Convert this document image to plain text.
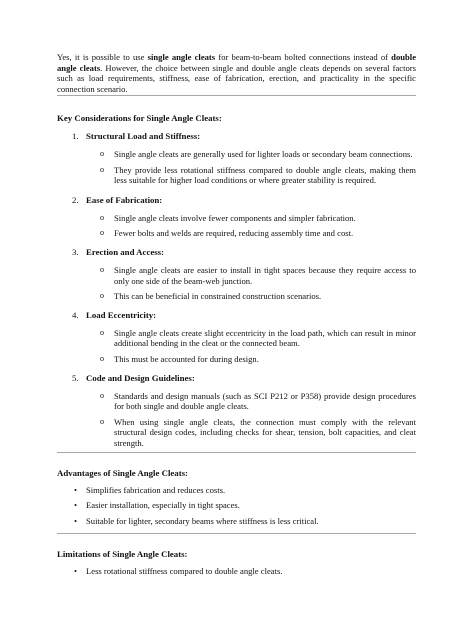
Yes, it is possible to use single angle cleats for beam-to-beam bolted connections instead of double angle cleats. However, the choice between single and double angle cleats depends on several factors such as load requirements, stiffness, ease of fabrication, erection, and practicality in the specific connection scenario.

Key Considerations for Single Angle Cleats:
1. Structural Load and Stiffness:
o	Single angle cleats are generally used for lighter loads or secondary beam connections.
o	They provide less rotational stiffness compared to double angle cleats, making them less suitable for higher load conditions or where greater stability is required.
2. Ease of Fabrication:
o	Single angle cleats involve fewer components and simpler fabrication.
o	Fewer bolts and welds are required, reducing assembly time and cost.
3. Erection and Access:
o	Single angle cleats are easier to install in tight spaces because they require access to only one side of the beam-web junction.
o	This can be beneficial in constrained construction scenarios.
4. Load Eccentricity:
o	Single angle cleats create slight eccentricity in the load path, which can result in minor additional bending in the cleat or the connected beam.
o	This must be accounted for during design.
5. Code and Design Guidelines:
o	Standards and design manuals (such as SCI P212 or P358) provide design procedures for both single and double angle cleats.
o	When using single angle cleats, the connection must comply with the relevant structural design codes, including checks for shear, tension, bolt capacities, and cleat strength.
Advantages of Single Angle Cleats:
•	Simplifies fabrication and reduces costs.
•	Easier installation, especially in tight spaces.
•	Suitable for lighter, secondary beams where stiffness is less critical.
Limitations of Single Angle Cleats:
•	Less rotational stiffness compared to double angle cleats.
